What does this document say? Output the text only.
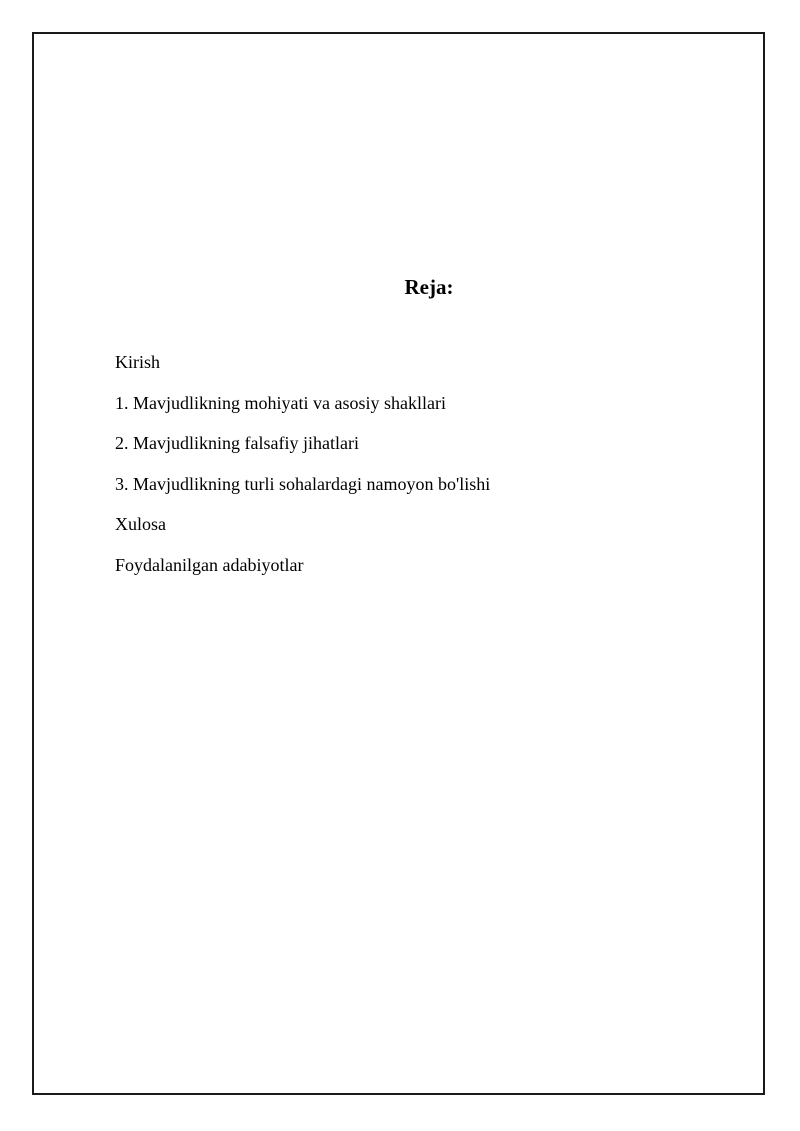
Reja:
Kirish
1. Mavjudlikning mohiyati va asosiy shakllari
2. Mavjudlikning falsafiy jihatlari
3. Mavjudlikning turli sohalardagi namoyon bo'lishi
Xulosa
Foydalanilgan adabiyotlar
